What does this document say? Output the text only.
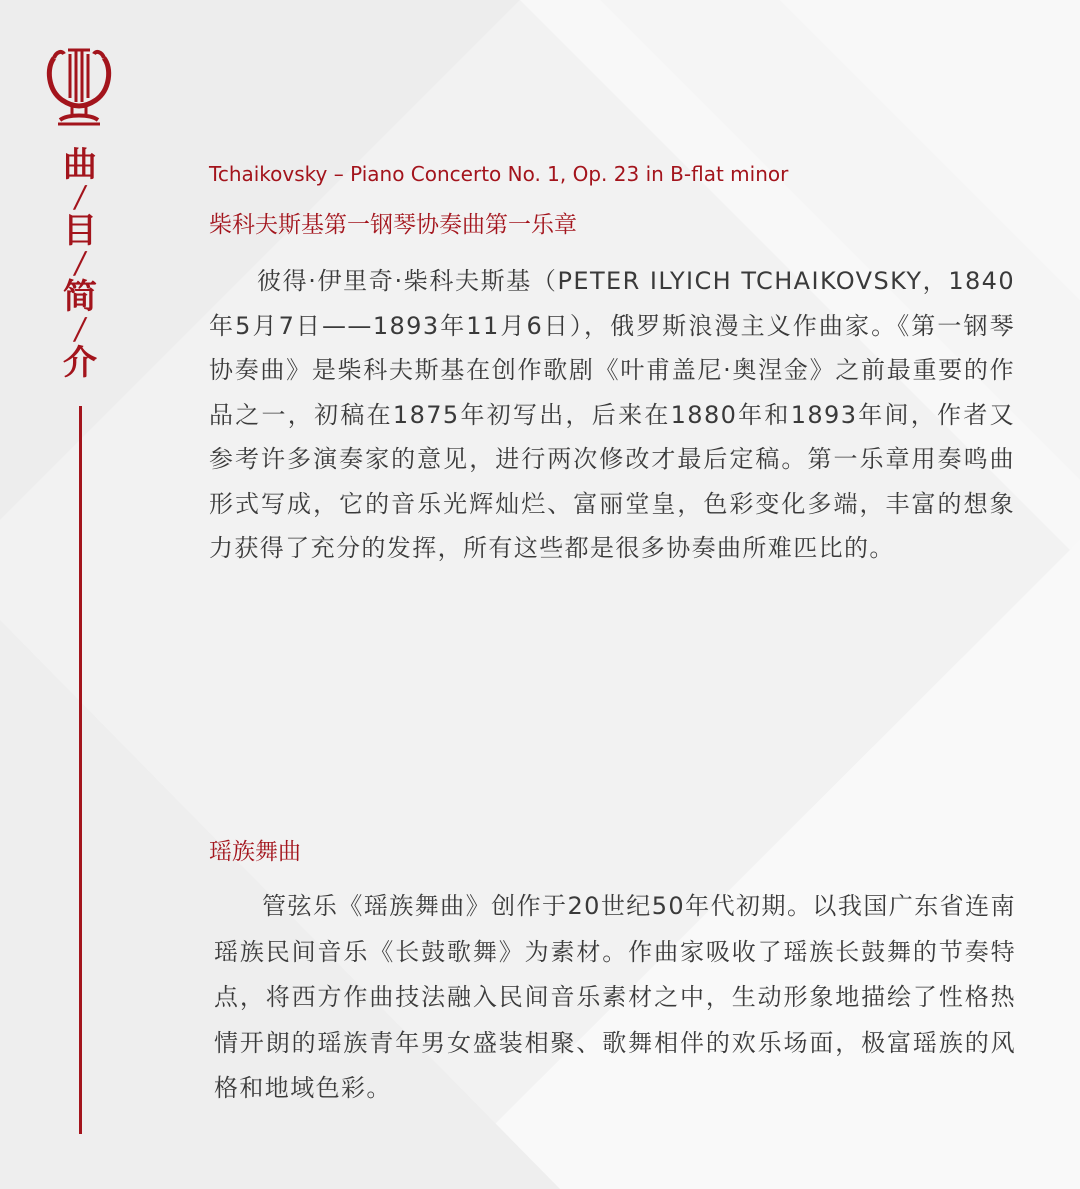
曲
/
目
/
简
/
介
Tchaikovsky – Piano Concerto No. 1, Op. 23 in B-flat minor
柴科夫斯基第一钢琴协奏曲第一乐章

彼得·伊里奇·柴科夫斯基（PETER ILYICH TCHAIKOVSKY，1840年5月7日——1893年11月6日），俄罗斯浪漫主义作曲家。《第一钢琴协奏曲》是柴科夫斯基在创作歌剧《叶甫盖尼·奥涅金》之前最重要的作品之一，初稿在1875年初写出，后来在1880年和1893年间，作者又参考许多演奏家的意见，进行两次修改才最后定稿。第一乐章用奏鸣曲形式写成，它的音乐光辉灿烂、富丽堂皇，色彩变化多端，丰富的想象力获得了充分的发挥，所有这些都是很多协奏曲所难匹比的。

瑶族舞曲

管弦乐《瑶族舞曲》创作于20世纪50年代初期。以我国广东省连南瑶族民间音乐《长鼓歌舞》为素材。作曲家吸收了瑶族长鼓舞的节奏特点，将西方作曲技法融入民间音乐素材之中，生动形象地描绘了性格热情开朗的瑶族青年男女盛装相聚、歌舞相伴的欢乐场面，极富瑶族的风格和地域色彩。
